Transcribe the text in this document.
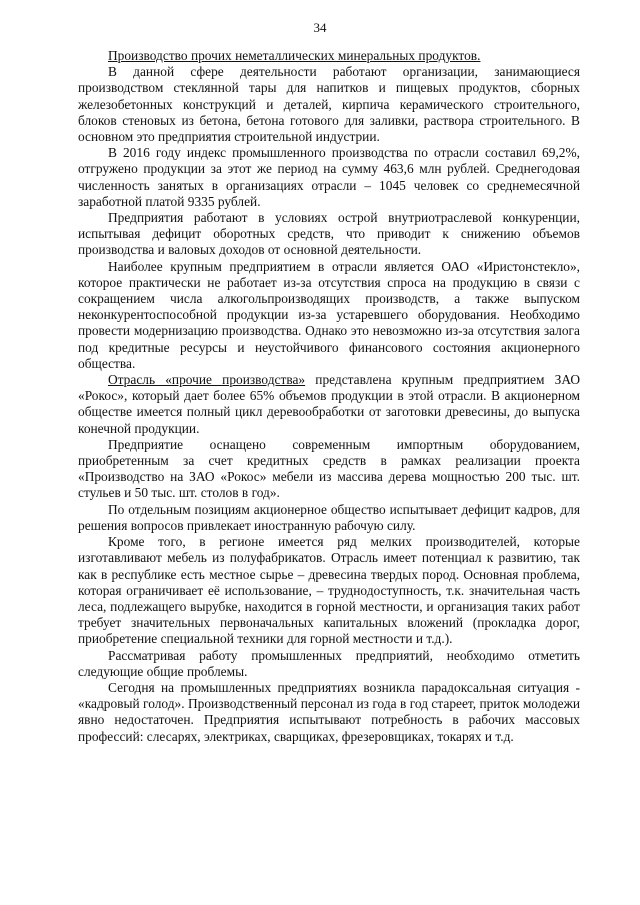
34

Производство прочих неметаллических минеральных продуктов.

В данной сфере деятельности работают организации, занимающиеся производством стеклянной тары для напитков и пищевых продуктов, сборных железобетонных конструкций и деталей, кирпича керамического строительного, блоков стеновых из бетона, бетона готового для заливки, раствора строительного. В основном это предприятия строительной индустрии.

В 2016 году индекс промышленного производства по отрасли составил 69,2%, отгружено продукции за этот же период на сумму 463,6 млн рублей. Среднегодовая численность занятых в организациях отрасли – 1045 человек со среднемесячной заработной платой 9335 рублей.

Предприятия работают в условиях острой внутриотраслевой конкуренции, испытывая дефицит оборотных средств, что приводит к снижению объемов производства и валовых доходов от основной деятельности.

Наиболее крупным предприятием в отрасли является ОАО «Иристонстекло», которое практически не работает из-за отсутствия спроса на продукцию в связи с сокращением числа алкогольпроизводящих производств, а также выпуском неконкурентоспособной продукции из-за устаревшего оборудования. Необходимо провести модернизацию производства. Однако это невозможно из-за отсутствия залога под кредитные ресурсы и неустойчивого финансового состояния акционерного общества.

Отрасль «прочие производства» представлена крупным предприятием ЗАО «Рокос», который дает более 65% объемов продукции в этой отрасли. В акционерном обществе имеется полный цикл деревообработки от заготовки древесины, до выпуска конечной продукции.

Предприятие оснащено современным импортным оборудованием, приобретенным за счет кредитных средств в рамках реализации проекта «Производство на ЗАО «Рокос» мебели из массива дерева мощностью 200 тыс. шт. стульев и 50 тыс. шт. столов в год».

По отдельным позициям акционерное общество испытывает дефицит кадров, для решения вопросов привлекает иностранную рабочую силу.

Кроме того, в регионе имеется ряд мелких производителей, которые изготавливают мебель из полуфабрикатов. Отрасль имеет потенциал к развитию, так как в республике есть местное сырье – древесина твердых пород. Основная проблема, которая ограничивает её использование, – труднодоступность, т.к. значительная часть леса, подлежащего вырубке, находится в горной местности, и организация таких работ требует значительных первоначальных капитальных вложений (прокладка дорог, приобретение специальной техники для горной местности и т.д.).

Рассматривая работу промышленных предприятий, необходимо отметить следующие общие проблемы.

Сегодня на промышленных предприятиях возникла парадоксальная ситуация - «кадровый голод». Производственный персонал из года в год стареет, приток молодежи явно недостаточен. Предприятия испытывают потребность в рабочих массовых профессий: слесарях, электриках, сварщиках, фрезеровщиках, токарях и т.д.
